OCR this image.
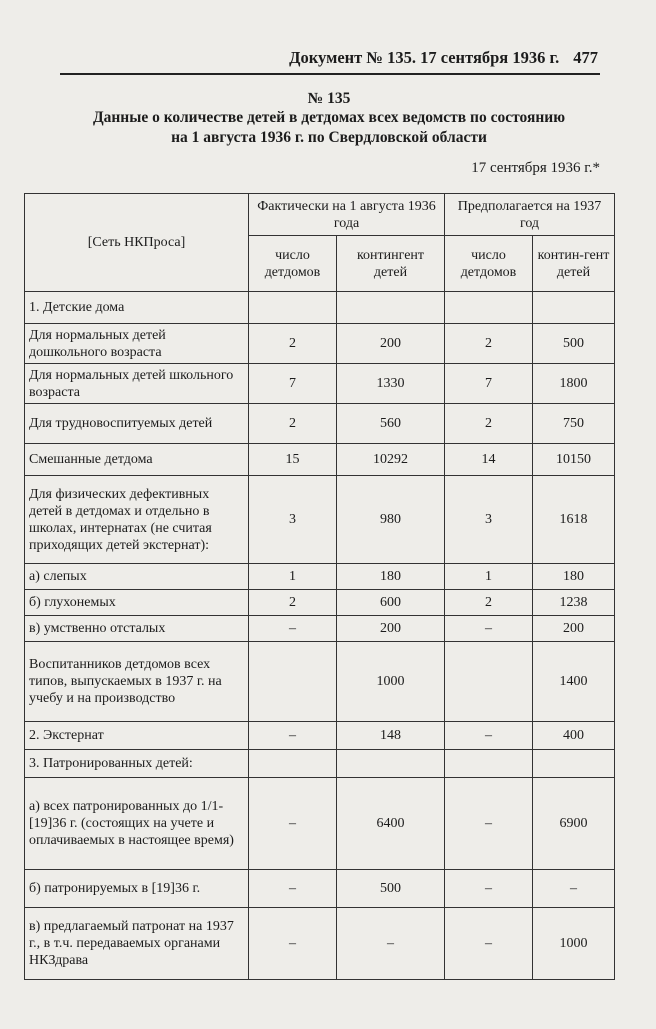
Документ № 135. 17 сентября 1936 г. 477
№ 135
Данные о количестве детей в детдомах всех ведомств по состоянию
на 1 августа 1936 г. по Свердловской области
17 сентября 1936 г.*
[Сеть НКПроса]	Фактически на 1 августа 1936 года		Предполагается на 1937 год	
	число детдомов	контингент детей	число детдомов	контин-гент детей
1. Детские дома				
Для нормальных детей дошкольного возраста	2	200	2	500
Для нормальных детей школьного возраста	7	1330	7	1800
Для трудновоспитуемых детей	2	560	2	750
Смешанные детдома	15	10292	14	10150
Для физических дефективных детей в детдомах и отдельно в школах, интернатах (не считая приходящих детей экстернат):	3	980	3	1618
а) слепых	1	180	1	180
б) глухонемых	2	600	2	1238
в) умственно отсталых	–	200	–	200
Воспитанников детдомов всех типов, выпускаемых в 1937 г. на учебу и на производство		1000		1400
2. Экстернат	–	148	–	400
3. Патронированных детей:				
а) всех патронированных до 1/1-[19]36 г. (состоящих на учете и оплачиваемых в настоящее время)	–	6400	–	6900
б) патронируемых в [19]36 г.	–	500	–	–
в) предлагаемый патронат на 1937 г., в т.ч. передаваемых органами НКЗдрава	–	–	–	1000
